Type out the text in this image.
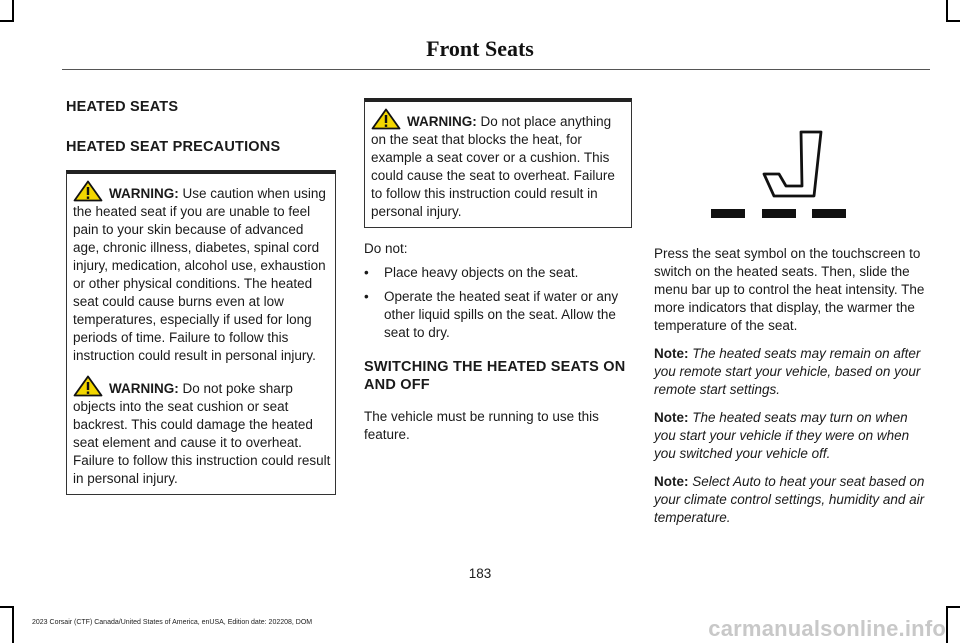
Front Seats
HEATED SEATS
HEATED SEAT PRECAUTIONS

WARNING: Use caution when using the heated seat if you are unable to feel pain to your skin because of advanced age, chronic illness, diabetes, spinal cord injury, medication, alcohol use, exhaustion or other physical conditions. The heated seat could cause burns even at low temperatures, especially if used for long periods of time. Failure to follow this instruction could result in personal injury.

WARNING: Do not poke sharp objects into the seat cushion or seat backrest. This could damage the heated seat element and cause it to overheat. Failure to follow this instruction could result in personal injury.

WARNING: Do not place anything on the seat that blocks the heat, for example a seat cover or a cushion. This could cause the seat to overheat. Failure to follow this instruction could result in personal injury.

Do not:

• Place heavy objects on the seat.
• Operate the heated seat if water or any other liquid spills on the seat. Allow the seat to dry.
SWITCHING THE HEATED SEATS ON AND OFF

The vehicle must be running to use this feature.

Press the seat symbol on the touchscreen to switch on the heated seats. Then, slide the menu bar up to control the heat intensity. The more indicators that display, the warmer the temperature of the seat.

Note: The heated seats may remain on after you remote start your vehicle, based on your remote start settings.

Note: The heated seats may turn on when you start your vehicle if they were on when you switched your vehicle off.

Note: Select Auto to heat your seat based on your climate control settings, humidity and air temperature.

183
2023 Corsair (CTF) Canada/United States of America, enUSA, Edition date: 202208, DOM	carmanualsonline.info
